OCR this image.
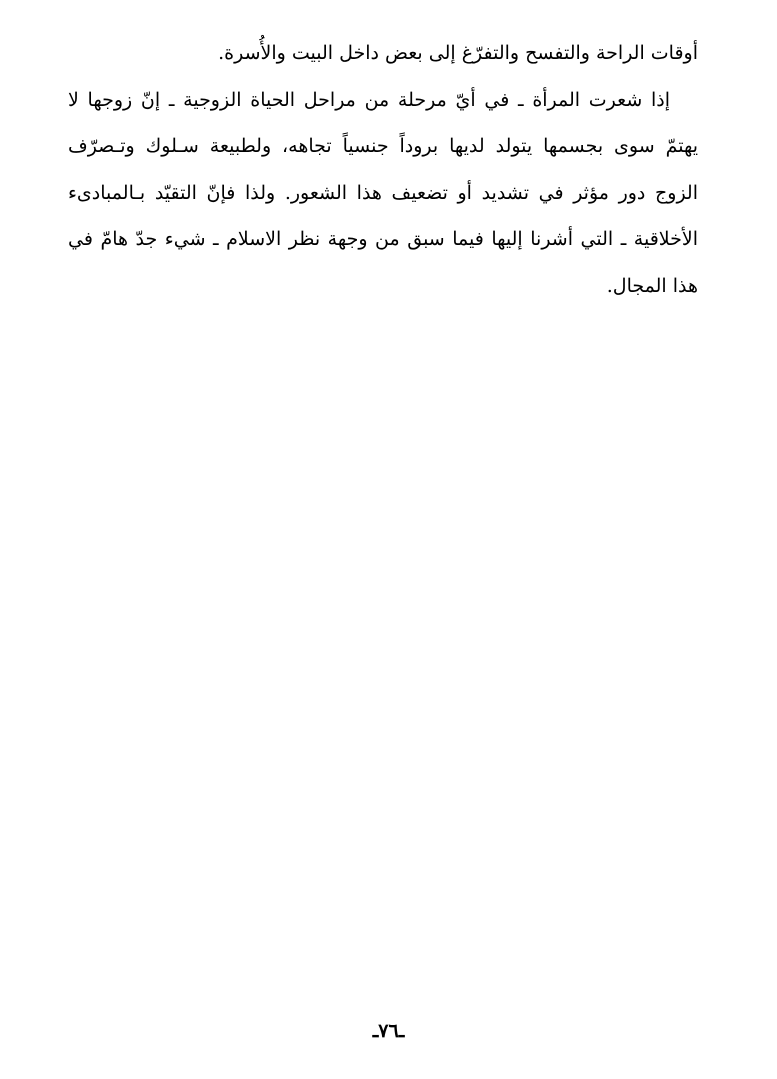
أوقات الراحة والتفسح والتفرّغ إلى بعض داخل البيت والأُسرة.
إذا شعرت المرأة ـ في أيّ مرحلة من مراحل الحياة الزوجية ـ إنّ زوجها لا
يهتمّ سوى بجسمها يتولد لديها بروداً جنسياً تجاهه، ولطبيعة سـلوك وتـصرّف
الزوج دور مؤثر في تشديد أو تضعيف هذا الشعور. ولذا فإنّ التقيّد بـالمبادىء
الأخلاقية ـ التي أشرنا إليها فيما سبق من وجهة نظر الاسلام ـ شيء جدّ هامّ في
هذا المجال.
ـ٧٦ـ
